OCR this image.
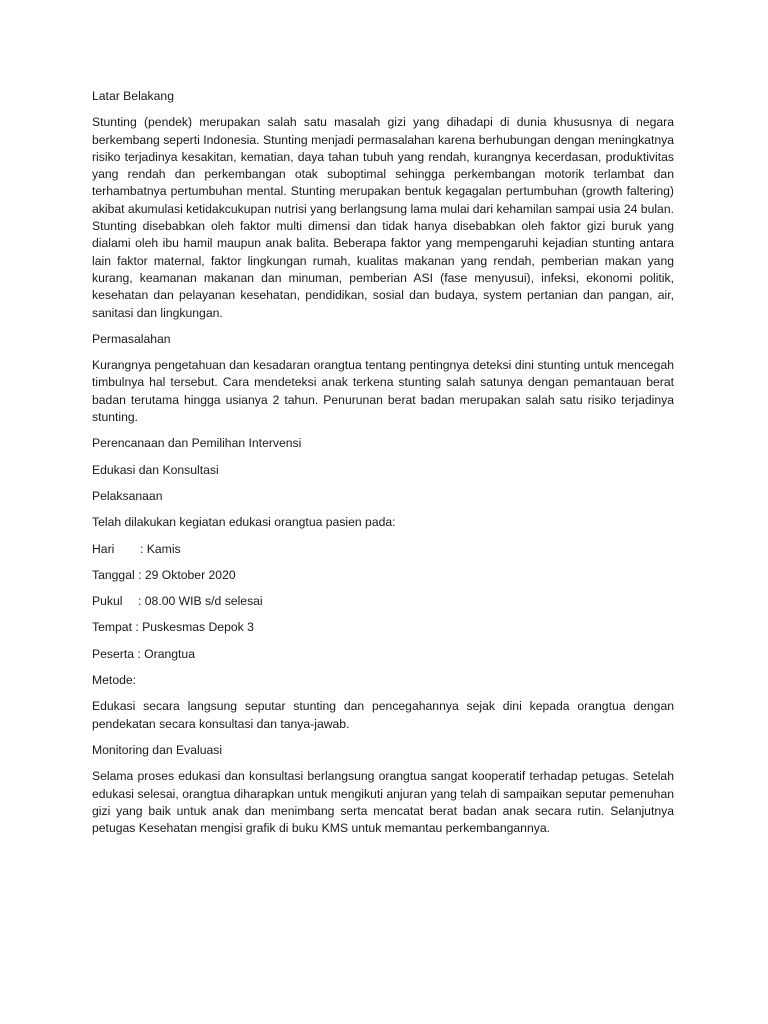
Latar Belakang
Stunting (pendek) merupakan salah satu masalah gizi yang dihadapi di dunia khususnya di negara berkembang seperti Indonesia. Stunting menjadi permasalahan karena berhubungan dengan meningkatnya risiko terjadinya kesakitan, kematian, daya tahan tubuh yang rendah, kurangnya kecerdasan, produktivitas yang rendah dan perkembangan otak suboptimal sehingga perkembangan motorik terlambat dan terhambatnya pertumbuhan mental. Stunting merupakan bentuk kegagalan pertumbuhan (growth faltering) akibat akumulasi ketidakcukupan nutrisi yang berlangsung lama mulai dari kehamilan sampai usia 24 bulan. Stunting disebabkan oleh faktor multi dimensi dan tidak hanya disebabkan oleh faktor gizi buruk yang dialami oleh ibu hamil maupun anak balita. Beberapa faktor yang mempengaruhi kejadian stunting antara lain faktor maternal, faktor lingkungan rumah, kualitas makanan yang rendah, pemberian makan yang kurang, keamanan makanan dan minuman, pemberian ASI (fase menyusui), infeksi, ekonomi politik, kesehatan dan pelayanan kesehatan, pendidikan, sosial dan budaya, system pertanian dan pangan, air, sanitasi dan lingkungan.
Permasalahan
Kurangnya pengetahuan dan kesadaran orangtua tentang pentingnya deteksi dini stunting untuk mencegah timbulnya hal tersebut. Cara mendeteksi anak terkena stunting salah satunya dengan pemantauan berat badan terutama hingga usianya 2 tahun. Penurunan berat badan merupakan salah satu risiko terjadinya stunting.
Perencanaan dan Pemilihan Intervensi
Edukasi dan Konsultasi
Pelaksanaan
Telah dilakukan kegiatan edukasi orangtua pasien pada:
Hari	: Kamis
Tanggal : 29 Oktober 2020
Pukul	: 08.00 WIB s/d selesai
Tempat : Puskesmas Depok 3
Peserta : Orangtua
Metode:
Edukasi secara langsung seputar stunting dan pencegahannya sejak dini kepada orangtua dengan pendekatan secara konsultasi dan tanya-jawab.
Monitoring dan Evaluasi
Selama proses edukasi dan konsultasi berlangsung orangtua sangat kooperatif terhadap petugas. Setelah edukasi selesai, orangtua diharapkan untuk mengikuti anjuran yang telah di sampaikan seputar pemenuhan gizi yang baik untuk anak dan menimbang serta mencatat berat badan anak secara rutin. Selanjutnya petugas Kesehatan mengisi grafik di buku KMS untuk memantau perkembangannya.
